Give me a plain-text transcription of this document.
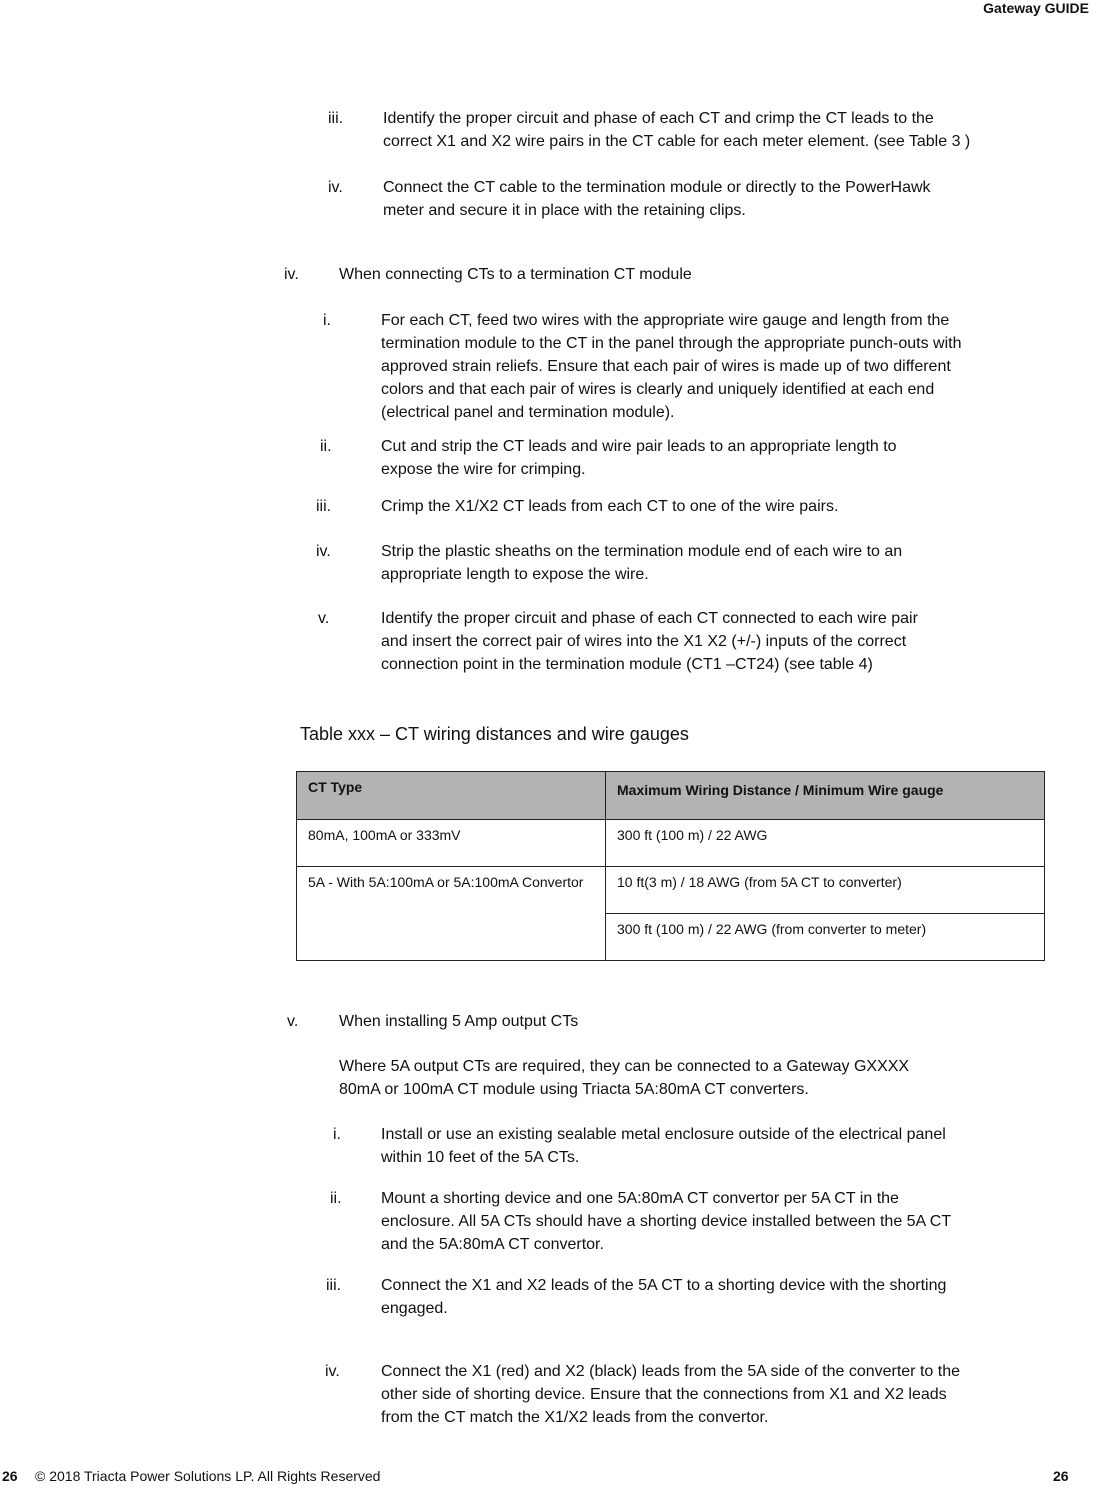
Gateway GUIDE
iii. Identify the proper circuit and phase of each CT and crimp the CT leads to the
correct X1 and X2 wire pairs in the CT cable for each meter element. (see Table 3 )
iv.	Connect the CT cable to the termination module or directly to the PowerHawk
meter and secure it in place with the retaining clips.
iv.	When connecting CTs to a termination CT module
i.	For each CT, feed two wires with the appropriate wire gauge and length from the
termination module to the CT in the panel through the appropriate punch-outs with
approved strain reliefs. Ensure that each pair of wires is made up of two different
colors and that each pair of wires is clearly and uniquely identified at each end
(electrical panel and termination module).
ii.	Cut and strip the CT leads and wire pair leads to an appropriate length to
expose the wire for crimping.
iii.	Crimp the X1/X2 CT leads from each CT to one of the wire pairs.
iv.	Strip the plastic sheaths on the termination module end of each wire to an
appropriate length to expose the wire.
v.	Identify the proper circuit and phase of each CT connected to each wire pair
and insert the correct pair of wires into the X1 X2 (+/-) inputs of the correct
connection point in the termination module (CT1 –CT24) (see table 4)
Table xxx – CT wiring distances and wire gauges
CT Type	Maximum Wiring Distance / Minimum Wire gauge
80mA, 100mA or 333mV	300 ft (100 m) / 22 AWG
5A - With 5A:100mA or 5A:100mA Convertor	10 ft(3 m) / 18 AWG (from 5A CT to converter)
	300 ft (100 m) / 22 AWG (from converter to meter)
v.	When installing 5 Amp output CTs
Where 5A output CTs are required, they can be connected to a Gateway GXXXX
80mA or 100mA CT module using Triacta 5A:80mA CT converters.
i.	Install or use an existing sealable metal enclosure outside of the electrical panel
within 10 feet of the 5A CTs.
ii. Mount a shorting device and one 5A:80mA CT convertor per 5A CT in the
enclosure. All 5A CTs should have a shorting device installed between the 5A CT
and the 5A:80mA CT convertor.
iii. Connect the X1 and X2 leads of the 5A CT to a shorting device with the shorting
engaged.
iv.	Connect the X1 (red) and X2 (black) leads from the 5A side of the converter to the
other side of shorting device. Ensure that the connections from X1 and X2 leads
from the CT match the X1/X2 leads from the convertor.
26 © 2018 Triacta Power Solutions LP. All Rights Reserved	26
